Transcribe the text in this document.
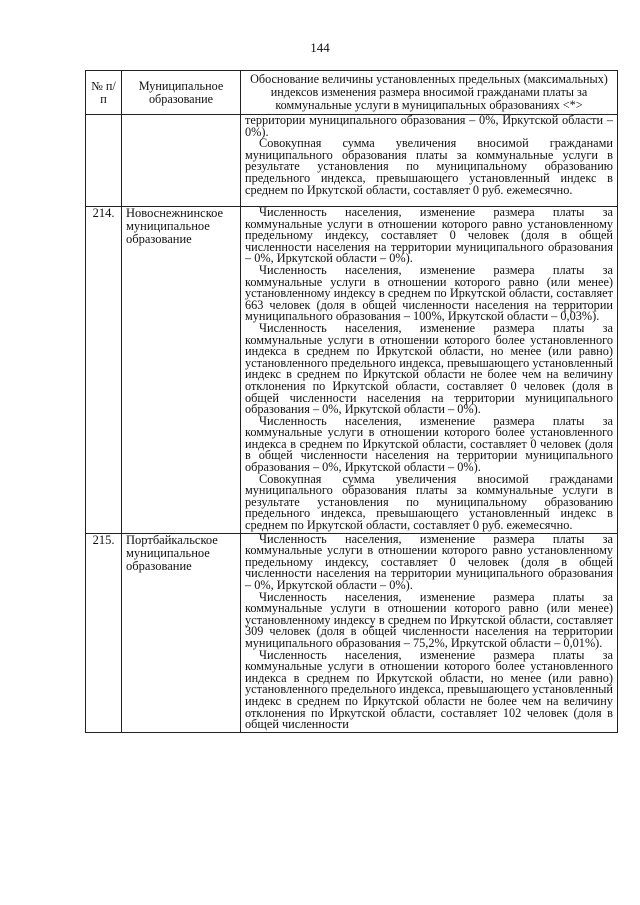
144
№ п/п	Муниципальное образование	Обоснование величины установленных предельных (максимальных) индексов изменения размера вносимой гражданами платы за коммунальные услуги в муниципальных образованиях <*>

		территории муниципального образования – 0%, Иркутской области – 0%).

Совокупная сумма увеличения вносимой гражданами муниципального образования платы за коммунальные услуги в результате установления по муниципальному образованию предельного индекса, превышающего установленный индекс в среднем по Иркутской области, составляет 0 руб. ежемесячно.

214.	Новоснежнинское муниципальное образование	Численность населения, изменение размера платы за коммунальные услуги в отношении которого равно установленному предельному индексу, составляет 0 человек (доля в общей численности населения на территории муниципального образования – 0%, Иркутской области – 0%).

Численность населения, изменение размера платы за коммунальные услуги в отношении которого равно (или менее) установленному индексу в среднем по Иркутской области, составляет 663 человек (доля в общей численности населения на территории муниципального образования – 100%, Иркутской области – 0,03%).

Численность населения, изменение размера платы за коммунальные услуги в отношении которого более установленного индекса в среднем по Иркутской области, но менее (или равно) установленного предельного индекса, превышающего установленный индекс в среднем по Иркутской области не более чем на величину отклонения по Иркутской области, составляет 0 человек (доля в общей численности населения на территории муниципального образования – 0%, Иркутской области – 0%).

Численность населения, изменение размера платы за коммунальные услуги в отношении которого более установленного индекса в среднем по Иркутской области, составляет 0 человек (доля в общей численности населения на территории муниципального образования – 0%, Иркутской области – 0%).

Совокупная сумма увеличения вносимой гражданами муниципального образования платы за коммунальные услуги в результате установления по муниципальному образованию предельного индекса, превышающего установленный индекс в среднем по Иркутской области, составляет 0 руб. ежемесячно.

215.	Портбайкальское муниципальное образование	Численность населения, изменение размера платы за коммунальные услуги в отношении которого равно установленному предельному индексу, составляет 0 человек (доля в общей численности населения на территории муниципального образования – 0%, Иркутской области – 0%).

Численность населения, изменение размера платы за коммунальные услуги в отношении которого равно (или менее) установленному индексу в среднем по Иркутской области, составляет 309 человек (доля в общей численности населения на территории муниципального образования – 75,2%, Иркутской области – 0,01%).

Численность населения, изменение размера платы за коммунальные услуги в отношении которого более установленного индекса в среднем по Иркутской области, но менее (или равно) установленного предельного индекса, превышающего установленный индекс в среднем по Иркутской области не более чем на величину отклонения по Иркутской области, составляет 102 человек (доля в общей численности
